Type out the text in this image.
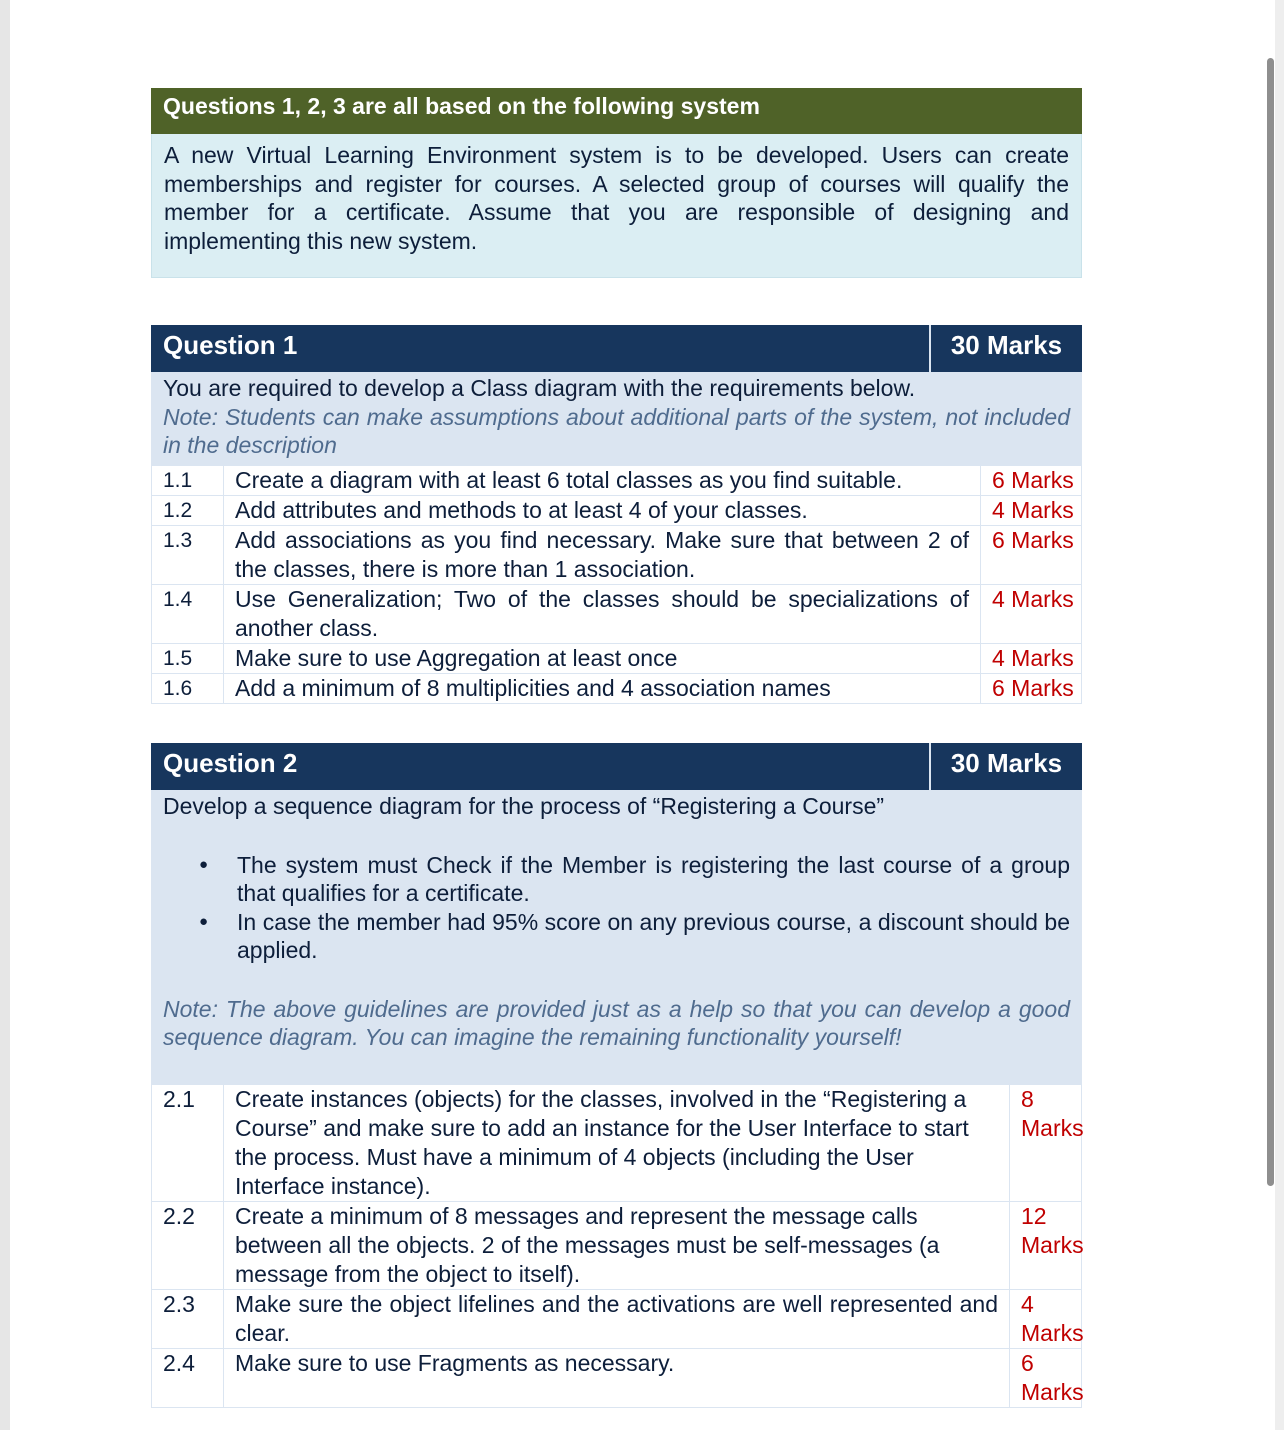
Questions 1, 2, 3 are all based on the following system
A new Virtual Learning Environment system is to be developed. Users can create memberships and register for courses. A selected group of courses will qualify the member for a certificate. Assume that you are responsible of designing and implementing this new system.
Question 1	30 Marks
You are required to develop a Class diagram with the requirements below.
Note: Students can make assumptions about additional parts of the system, not included in the description
1.1	Create a diagram with at least 6 total classes as you find suitable.	6 Marks
1.2	Add attributes and methods to at least 4 of your classes.	4 Marks
1.3	Add associations as you find necessary. Make sure that between 2 of the classes, there is more than 1 association.	6 Marks
1.4	Use Generalization; Two of the classes should be specializations of another class.	4 Marks
1.5	Make sure to use Aggregation at least once	4 Marks
1.6	Add a minimum of 8 multiplicities and 4 association names	6 Marks
Question 2	30 Marks
Develop a sequence diagram for the process of “Registering a Course”
● The system must Check if the Member is registering the last course of a group that qualifies for a certificate.
● In case the member had 95% score on any previous course, a discount should be applied.
Note: The above guidelines are provided just as a help so that you can develop a good sequence diagram. You can imagine the remaining functionality yourself!
2.1	Create instances (objects) for the classes, involved in the “Registering a Course” and make sure to add an instance for the User Interface to start the process. Must have a minimum of 4 objects (including the User Interface instance).	8 Marks
2.2	Create a minimum of 8 messages and represent the message calls between all the objects. 2 of the messages must be self-messages (a message from the object to itself).	12 Marks
2.3	Make sure the object lifelines and the activations are well represented and clear.	4 Marks
2.4	Make sure to use Fragments as necessary.	6 Marks
